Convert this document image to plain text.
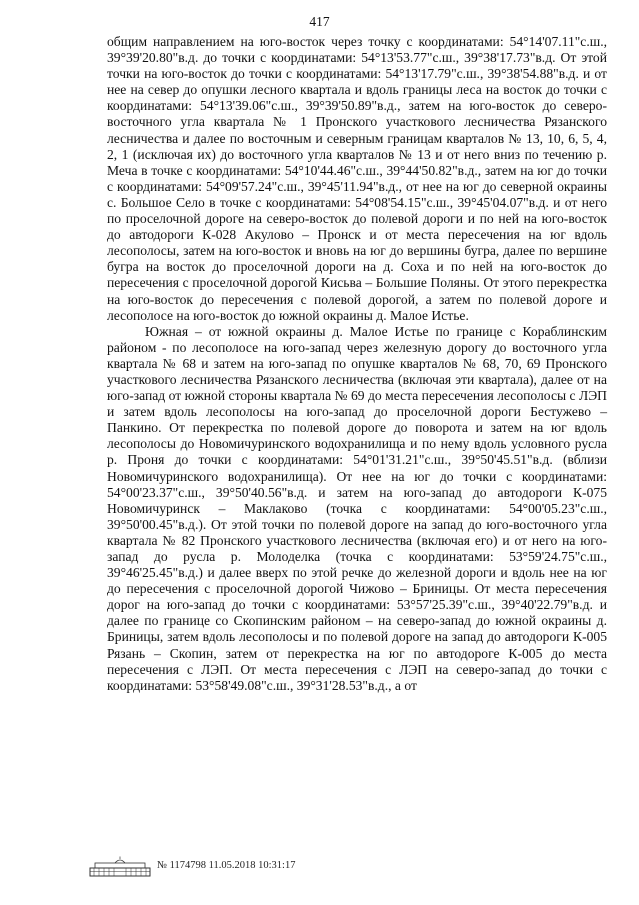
417

общим направлением на юго-восток через точку с координатами: 54°14'07.11"с.ш., 39°39'20.80"в.д. до точки с координатами: 54°13'53.77"с.ш., 39°38'17.73"в.д. От этой точки на юго-восток до точки с координатами: 54°13'17.79"с.ш., 39°38'54.88"в.д. и от нее на север до опушки лесного квартала и вдоль границы леса на восток до точки с координатами: 54°13'39.06"с.ш., 39°39'50.89"в.д., затем на юго-восток до северо-восточного угла квартала № 1 Пронского участкового лесничества Рязанского лесничества и далее по восточным и северным границам кварталов № 13, 10, 6, 5, 4, 2, 1 (исключая их) до восточного угла кварталов № 13 и от него вниз по течению р. Меча в точке с координатами: 54°10'44.46"с.ш., 39°44'50.82"в.д., затем на юг до точки с координатами: 54°09'57.24"с.ш., 39°45'11.94"в.д., от нее на юг до северной окраины с. Большое Село в точке с координатами: 54°08'54.15"с.ш., 39°45'04.07"в.д. и от него по проселочной дороге на северо-восток до полевой дороги и по ней на юго-восток до автодороги К-028 Акулово – Пронск и от места пересечения на юг вдоль лесополосы, затем на юго-восток и вновь на юг до вершины бугра, далее по вершине бугра на восток до проселочной дороги на д. Соха и по ней на юго-восток до пересечения с проселочной дорогой Кисьва – Большие Поляны. От этого перекрестка на юго-восток до пересечения с полевой дорогой, а затем по полевой дороге и лесополосе на юго-восток до южной окраины д. Малое Истье.

Южная – от южной окраины д. Малое Истье по границе с Кораблинским районом - по лесополосе на юго-запад через железную дорогу до восточного угла квартала № 68 и затем на юго-запад по опушке кварталов № 68, 70, 69 Пронского участкового лесничества Рязанского лесничества (включая эти квартала), далее от на юго-запад от южной стороны квартала № 69 до места пересечения лесополосы с ЛЭП и затем вдоль лесополосы на юго-запад до проселочной дороги Бестужево – Панкино. От перекрестка по полевой дороге до поворота и затем на юг вдоль лесополосы до Новомичуринского водохранилища и по нему вдоль условного русла р. Проня до точки с координатами: 54°01'31.21"с.ш., 39°50'45.51"в.д. (вблизи Новомичуринского водохранилища). От нее на юг до точки с координатами: 54°00'23.37"с.ш., 39°50'40.56"в.д. и затем на юго-запад до автодороги К-075 Новомичуринск – Маклаково (точка с координатами: 54°00'05.23"с.ш., 39°50'00.45"в.д.). От этой точки по полевой дороге на запад до юго-восточного угла квартала № 82 Пронского участкового лесничества (включая его) и от него на юго-запад до русла р. Молоделка (точка с координатами: 53°59'24.75"с.ш., 39°46'25.45"в.д.) и далее вверх по этой речке до железной дороги и вдоль нее на юг до пересечения с проселочной дорогой Чижово – Бриницы. От места пересечения дорог на юго-запад до точки с координатами: 53°57'25.39"с.ш., 39°40'22.79"в.д. и далее по границе со Скопинским районом – на северо-запад до южной окраины д. Бриницы, затем вдоль лесополосы и по полевой дороге на запад до автодороги К-005 Рязань – Скопин, затем от перекрестка на юг по автодороге К-005 до места пересечения с ЛЭП. От места пересечения с ЛЭП на северо-запад до точки с координатами: 53°58'49.08"с.ш., 39°31'28.53"в.д., а от

№ 1174798 11.05.2018 10:31:17
